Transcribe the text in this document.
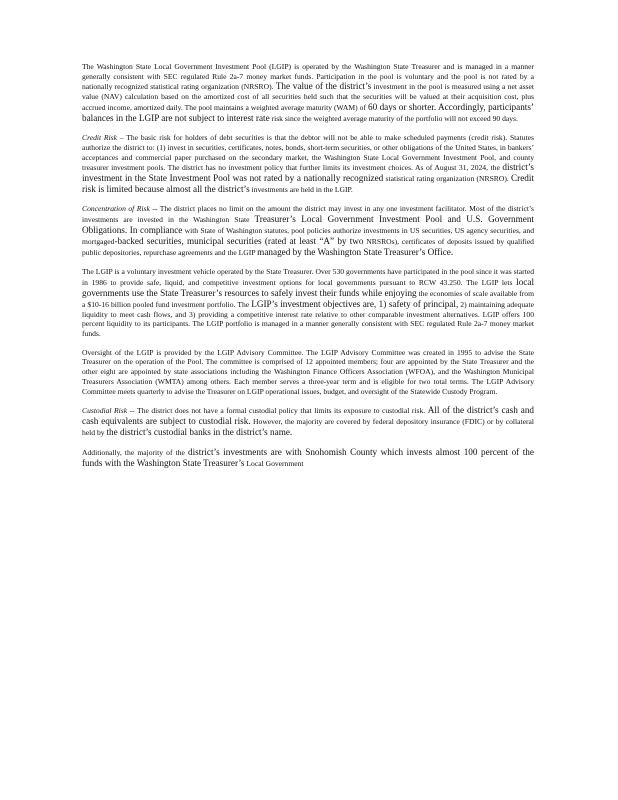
The Washington State Local Government Investment Pool (LGIP) is operated by the Washington State Treasurer and is managed in a manner generally consistent with SEC regulated Rule 2a-7 money market funds. Participation in the pool is voluntary and the pool is not rated by a nationally recognized statistical rating organization (NRSRO). The value of the district’s investment in the pool is measured using a net asset value (NAV) calculation based on the amortized cost of all securities held such that the securities will be valued at their acquisition cost, plus accrued income, amortized daily. The pool maintains a weighted average maturity (WAM) of 60 days or shorter. Accordingly, participants’ balances in the LGIP are not subject to interest rate risk since the weighted average maturity of the portfolio will not exceed 90 days.

Credit Risk – The basic risk for holders of debt securities is that the debtor will not be able to make scheduled payments (credit risk). Statutes authorize the district to: (1) invest in securities, certificates, notes, bonds, short-term securities, or other obligations of the United States, in bankers’ acceptances and commercial paper purchased on the secondary market, the Washington State Local Government Investment Pool, and county treasurer investment pools. The district has no investment policy that further limits its investment choices. As of August 31, 2024, the district’s investment in the State Investment Pool was not rated by a nationally recognized statistical rating organization (NRSRO). Credit risk is limited because almost all the district’s investments are held in the LGIP.

Concentration of Risk -- The district places no limit on the amount the district may invest in any one investment facilitator. Most of the district’s investments are invested in the Washington State Treasurer’s Local Government Investment Pool and U.S. Government Obligations. In compliance with State of Washington statutes, pool policies authorize investments in US securities, US agency securities, and mortgaged-backed securities, municipal securities (rated at least “A” by two NRSROs), certificates of deposits issued by qualified public depositories, repurchase agreements and the LGIP managed by the Washington State Treasurer’s Office.

The LGIP is a voluntary investment vehicle operated by the State Treasurer. Over 530 governments have participated in the pool since it was started in 1986 to provide safe, liquid, and competitive investment options for local governments pursuant to RCW 43.250. The LGIP lets local governments use the State Treasurer’s resources to safely invest their funds while enjoying the economies of scale available from a $10-16 billion pooled fund investment portfolio. The LGIP’s investment objectives are, 1) safety of principal, 2) maintaining adequate liquidity to meet cash flows, and 3) providing a competitive interest rate relative to other comparable investment alternatives. LGIP offers 100 percent liquidity to its participants. The LGIP portfolio is managed in a manner generally consistent with SEC regulated Rule 2a-7 money market funds.

Oversight of the LGIP is provided by the LGIP Advisory Committee. The LGIP Advisory Committee was created in 1995 to advise the State Treasurer on the operation of the Pool. The committee is comprised of 12 appointed members; four are appointed by the State Treasurer and the other eight are appointed by state associations including the Washington Finance Officers Association (WFOA), and the Washington Municipal Treasurers Association (WMTA) among others. Each member serves a three-year term and is eligible for two total terms. The LGIP Advisory Committee meets quarterly to advise the Treasurer on LGIP operational issues, budget, and oversight of the Statewide Custody Program.

Custodial Risk -- The district does not have a formal custodial policy that limits its exposure to custodial risk. All of the district’s cash and cash equivalents are subject to custodial risk. However, the majority are covered by federal depository insurance (FDIC) or by collateral held by the district’s custodial banks in the district’s name.

Additionally, the majority of the district’s investments are with Snohomish County which invests almost 100 percent of the funds with the Washington State Treasurer’s Local Government
